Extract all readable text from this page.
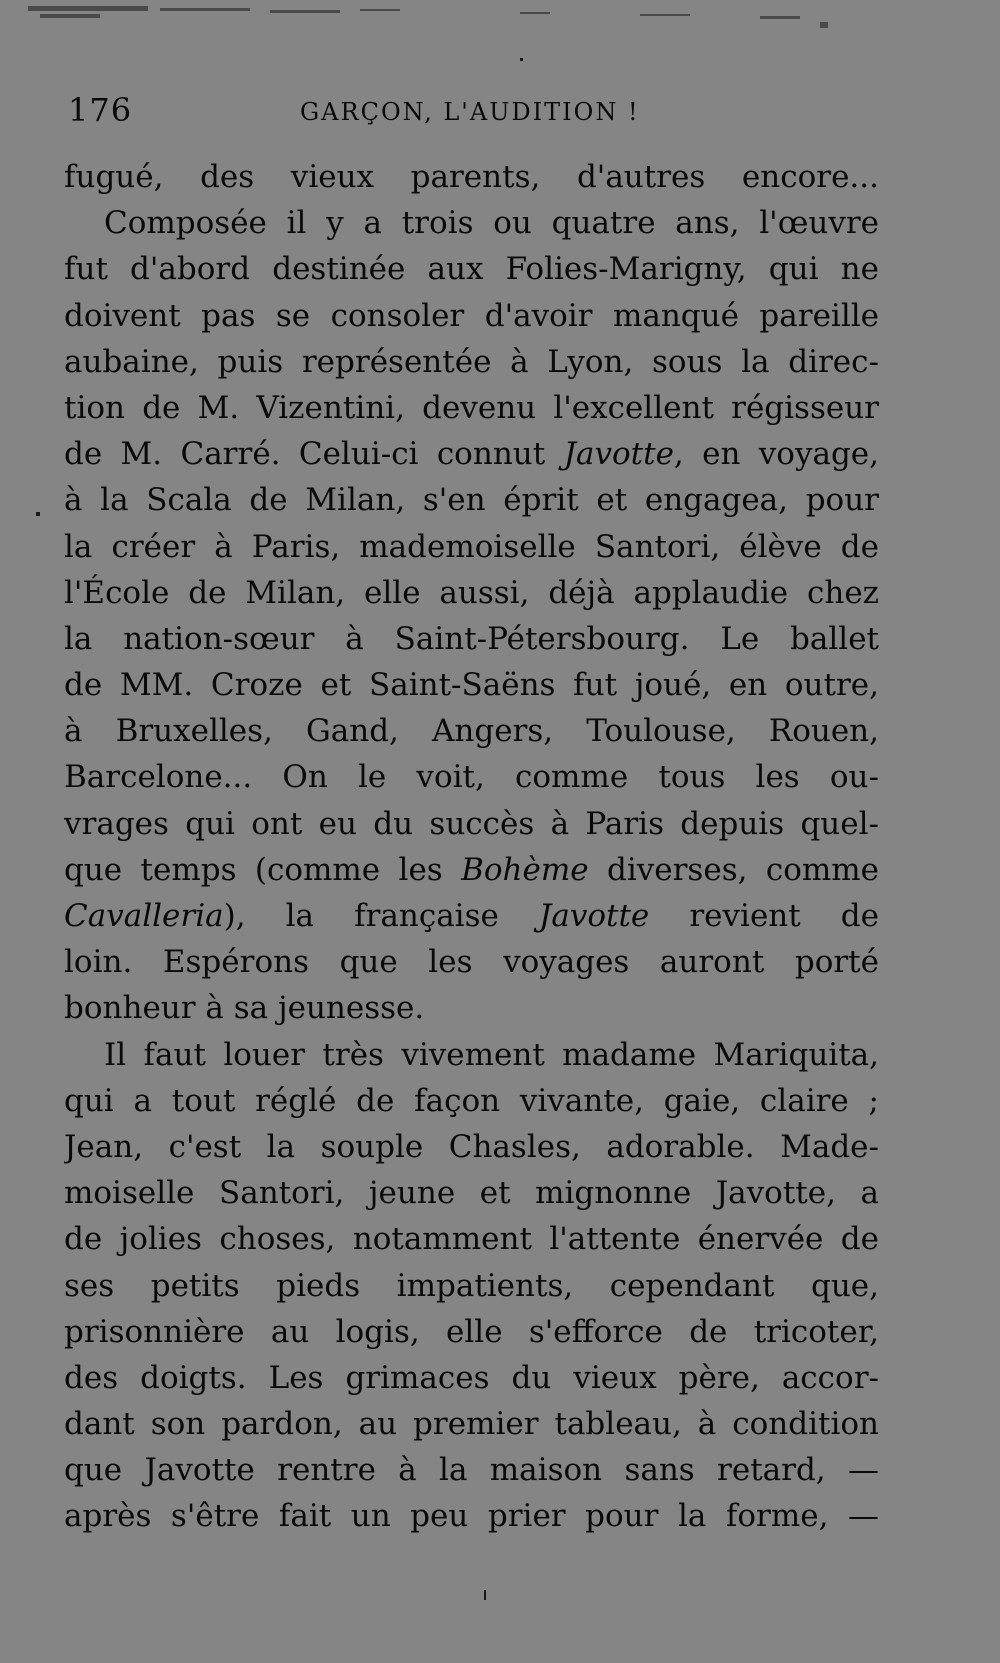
176	GARÇON, L'AUDITION !
fugué, des vieux parents, d'autres encore...
Composée il y a trois ou quatre ans, l'œuvre
fut d'abord destinée aux Folies-Marigny, qui ne
doivent pas se consoler d'avoir manqué pareille
aubaine, puis représentée à Lyon, sous la direc-
tion de M. Vizentini, devenu l'excellent régisseur
de M. Carré. Celui-ci connut Javotte, en voyage,
à la Scala de Milan, s'en éprit et engagea, pour
la créer à Paris, mademoiselle Santori, élève de
l'École de Milan, elle aussi, déjà applaudie chez
la nation-sœur à Saint-Pétersbourg. Le ballet
de MM. Croze et Saint-Saëns fut joué, en outre,
à Bruxelles, Gand, Angers, Toulouse, Rouen,
Barcelone... On le voit, comme tous les ou-
vrages qui ont eu du succès à Paris depuis quel-
que temps (comme les Bohème diverses, comme
Cavalleria), la française Javotte revient de
loin. Espérons que les voyages auront porté
bonheur à sa jeunesse.
Il faut louer très vivement madame Mariquita,
qui a tout réglé de façon vivante, gaie, claire ;
Jean, c'est la souple Chasles, adorable. Made-
moiselle Santori, jeune et mignonne Javotte, a
de jolies choses, notamment l'attente énervée de
ses petits pieds impatients, cependant que,
prisonnière au logis, elle s'efforce de tricoter,
des doigts. Les grimaces du vieux père, accor-
dant son pardon, au premier tableau, à condition
que Javotte rentre à la maison sans retard, —
après s'être fait un peu prier pour la forme, —
